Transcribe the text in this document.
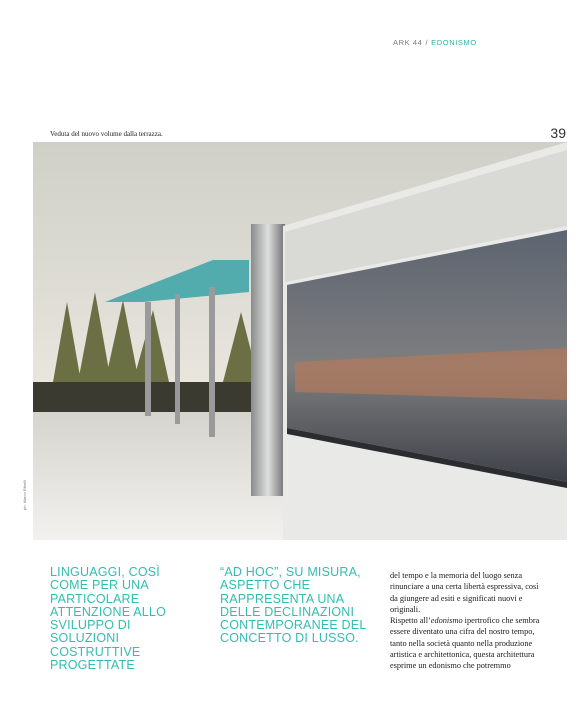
ARK 44 / EDONISMO
Veduta del nuovo volume dalla terrazza.	39
ph: Marco Ribelli

LINGUAGGI, COSÌ COME PER UNA PARTICOLARE ATTENZIONE ALLO SVILUPPO DI SOLUZIONI COSTRUTTIVE PROGETTATE

“AD HOC”, SU MISURA, ASPETTO CHE RAPPRESENTA UNA DELLE DECLINAZIONI CONTEMPORANEE DEL CONCETTO DI LUSSO.

del tempo e la memoria del luogo senza rinunciare a una certa libertà espressiva, così da giungere ad esiti e significati nuovi e originali.
Rispetto all’edonismo ipertrofico che sembra essere diventato una cifra del nostro tempo, tanto nella società quanto nella produzione artistica e architettonica, questa architettura esprime un edonismo che potremmo
